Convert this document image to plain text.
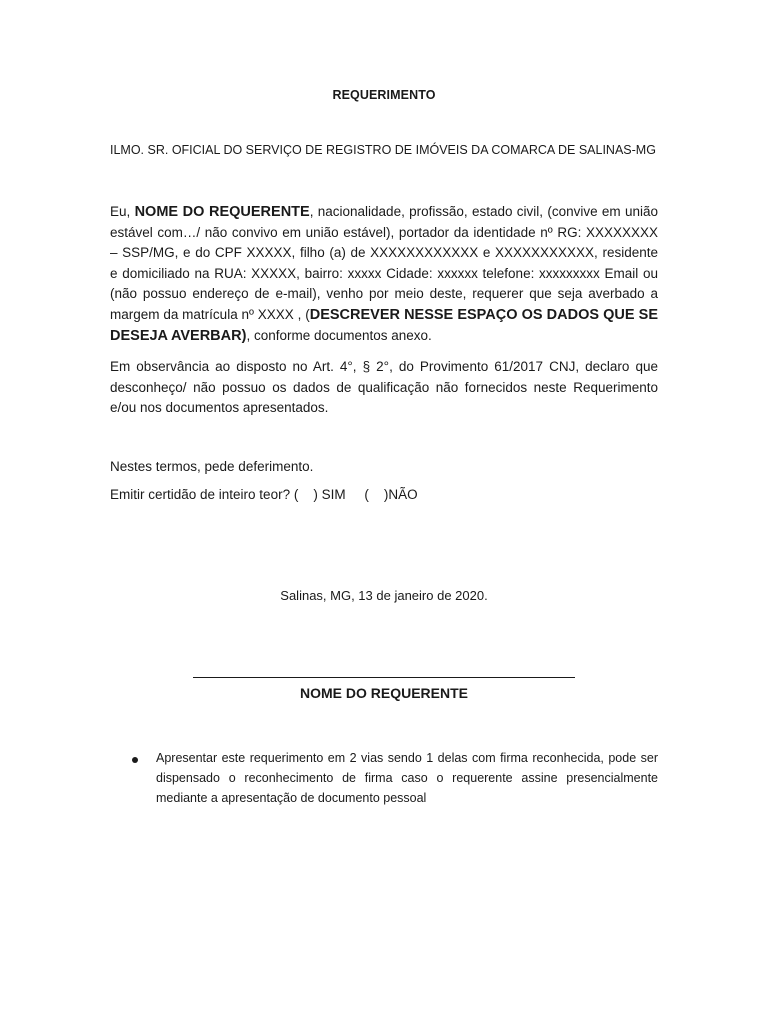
REQUERIMENTO
ILMO. SR. OFICIAL DO SERVIÇO DE REGISTRO DE IMÓVEIS DA COMARCA DE SALINAS-MG
Eu, NOME DO REQUERENTE, nacionalidade, profissão, estado civil, (convive em união estável com…/ não convivo em união estável), portador da identidade nº RG: XXXXXXXX – SSP/MG, e do CPF XXXXX, filho (a) de XXXXXXXXXXXX e XXXXXXXXXXX, residente e domiciliado na RUA: XXXXX, bairro: xxxxx Cidade: xxxxxx telefone: xxxxxxxxx Email ou (não possuo endereço de e-mail), venho por meio deste, requerer que seja averbado a margem da matrícula nº XXXX , (DESCREVER NESSE ESPAÇO OS DADOS QUE SE DESEJA AVERBAR), conforme documentos anexo.
Em observância ao disposto no Art. 4°, § 2°, do Provimento 61/2017 CNJ, declaro que desconheço/ não possuo os dados de qualificação não fornecidos neste Requerimento e/ou nos documentos apresentados.
Nestes termos, pede deferimento.
Emitir certidão de inteiro teor? (    ) SIM     (    )NÃO
Salinas, MG, 13 de janeiro de 2020.
NOME DO REQUERENTE
Apresentar este requerimento em 2 vias sendo 1 delas com firma reconhecida, pode ser dispensado o reconhecimento de firma caso o requerente assine presencialmente mediante a apresentação de documento pessoal
